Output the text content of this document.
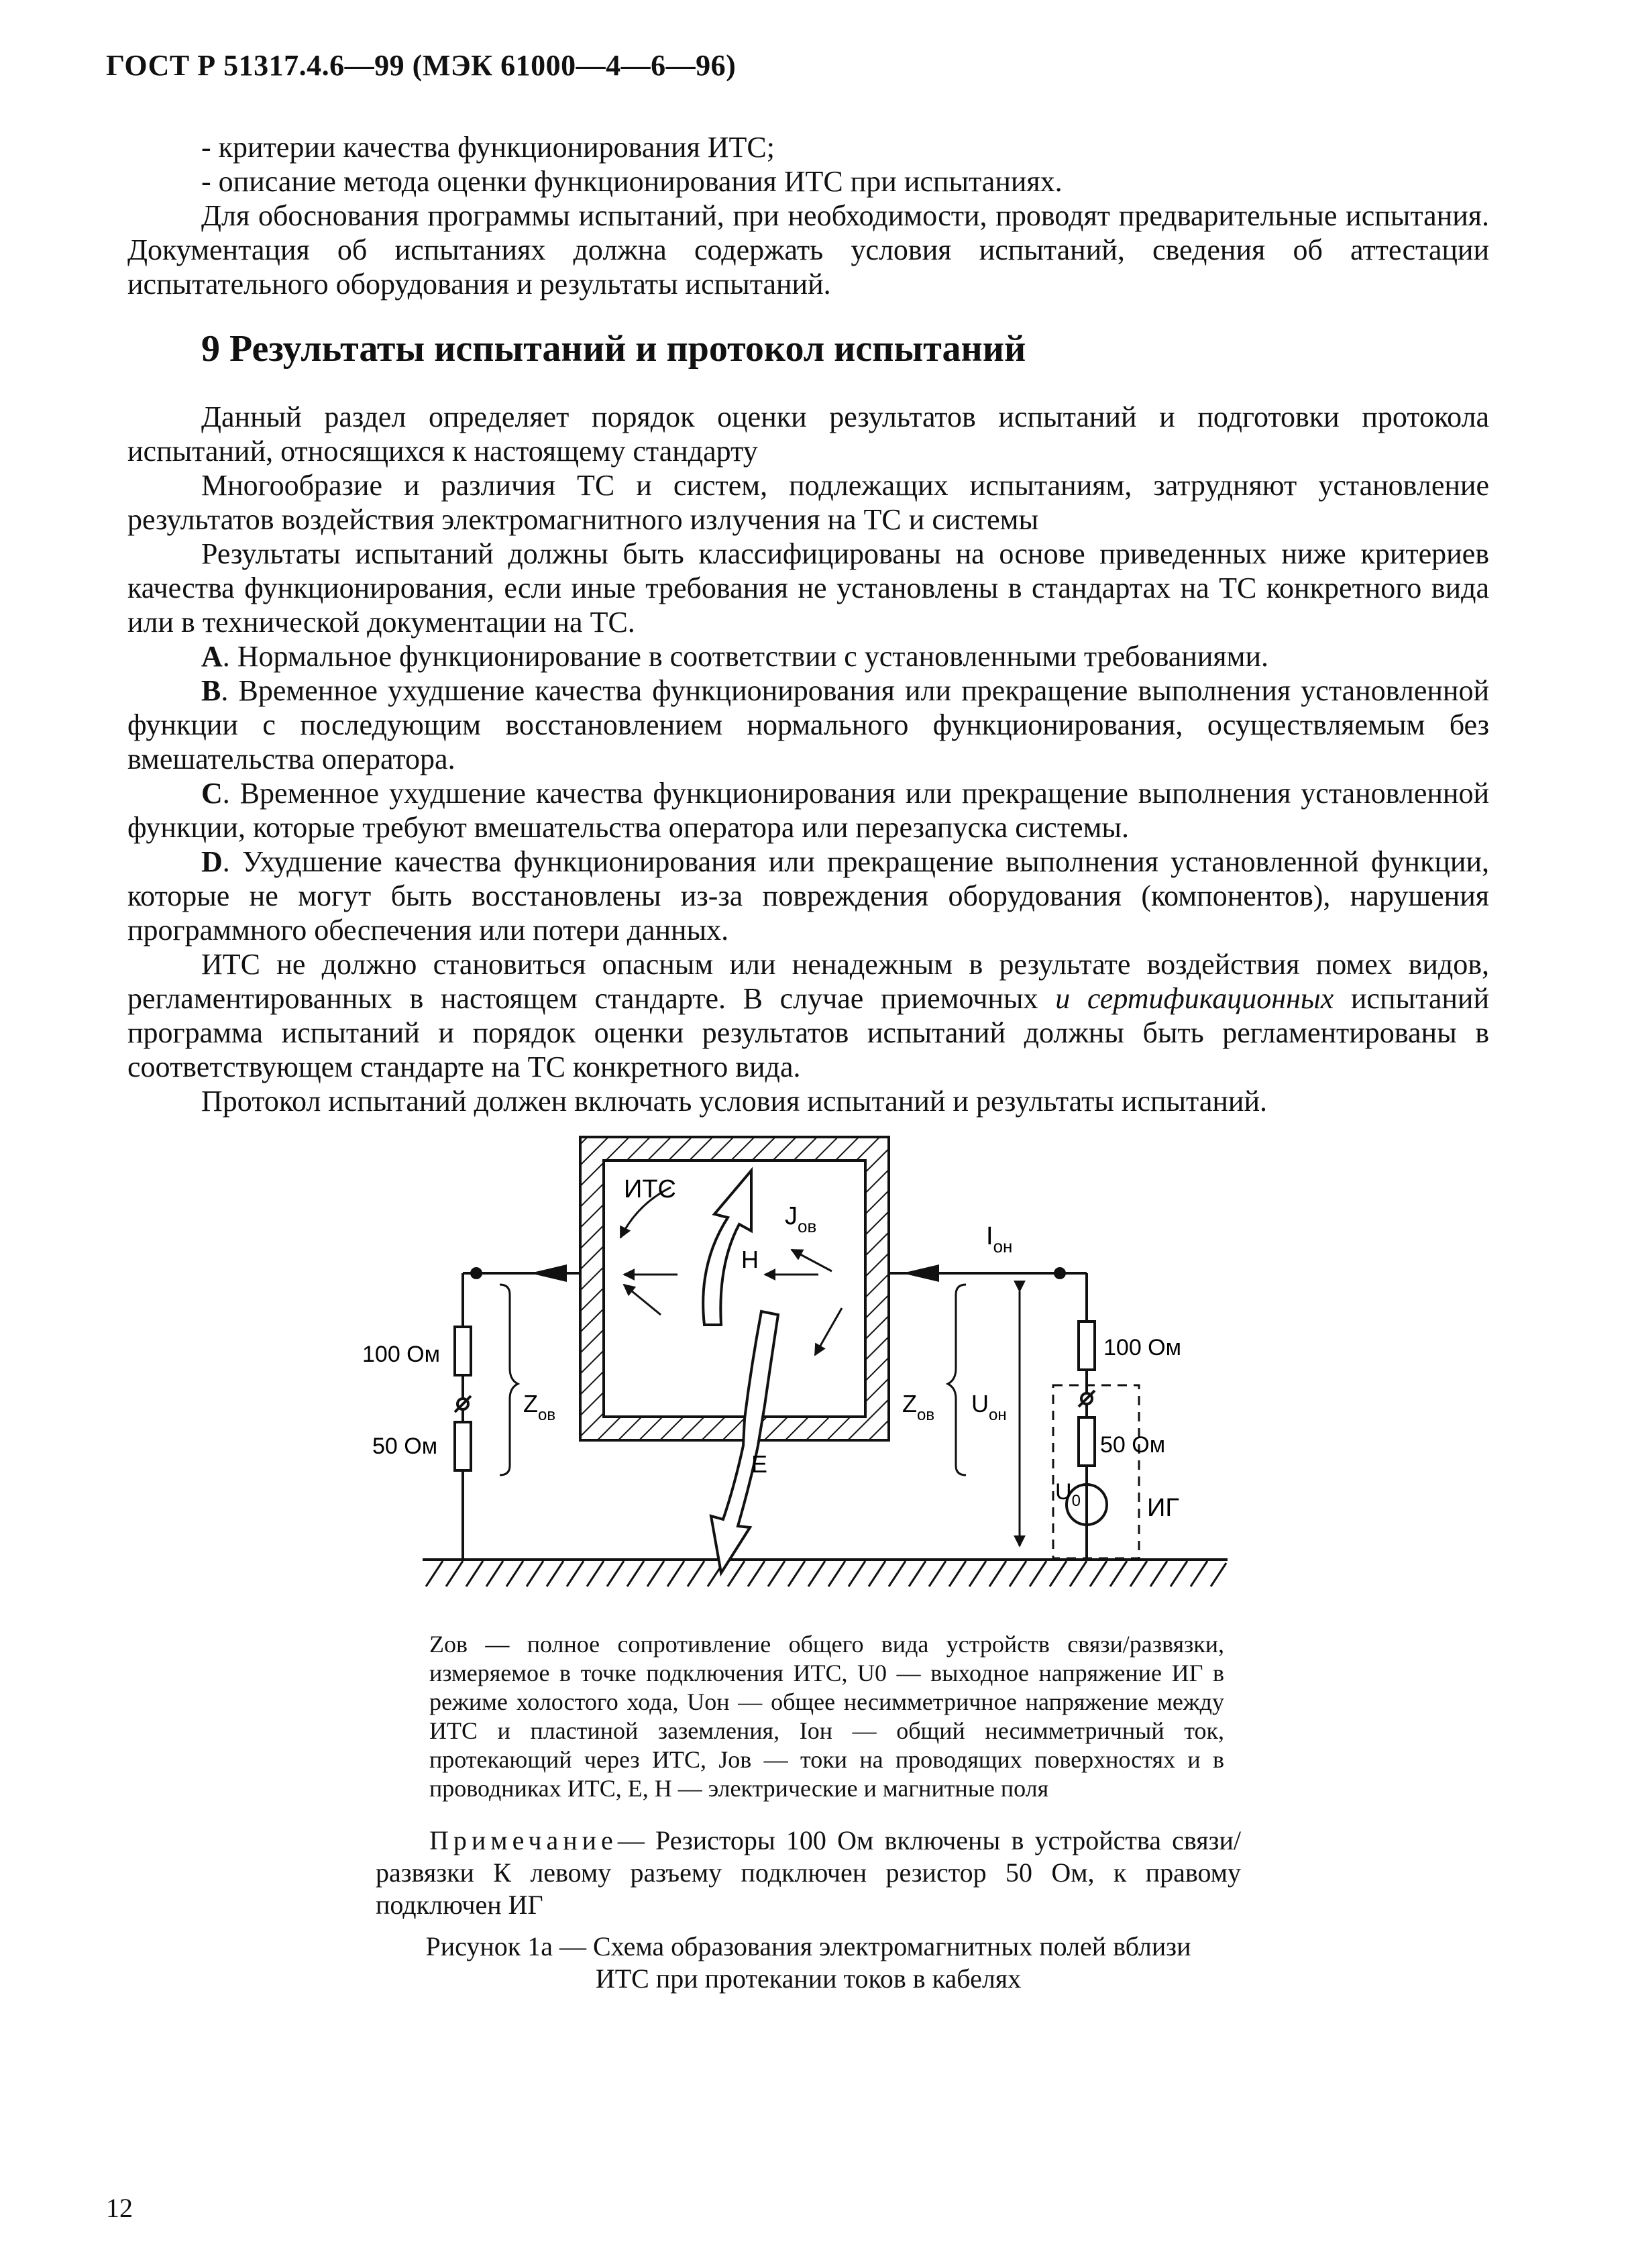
ГОСТ Р 51317.4.6—99 (МЭК 61000—4—6—96)

- критерии качества функционирования ИТС;

- описание метода оценки функционирования ИТС при испытаниях.

Для обоснования программы испытаний, при необходимости, проводят предварительные испытания. Документация об испытаниях должна содержать условия испытаний, сведения об аттестации испытательного оборудования и результаты испытаний.

9 Результаты испытаний и протокол испытаний

Данный раздел определяет порядок оценки результатов испытаний и подготовки протокола испытаний, относящихся к настоящему стандарту

Многообразие и различия ТС и систем, подлежащих испытаниям, затрудняют установление результатов воздействия электромагнитного излучения на ТС и системы

Результаты испытаний должны быть классифицированы на основе приведенных ниже критериев качества функционирования, если иные требования не установлены в стандартах на ТС конкретного вида или в технической документации на ТС.

А. Нормальное функционирование в соответствии с установленными требованиями.

В. Временное ухудшение качества функционирования или прекращение выполнения установленной функции с последующим восстановлением нормального функционирования, осуществляемым без вмешательства оператора.

С. Временное ухудшение качества функционирования или прекращение выполнения установленной функции, которые требуют вмешательства оператора или перезапуска системы.

D. Ухудшение качества функционирования или прекращение выполнения установленной функции, которые не могут быть восстановлены из-за повреждения оборудования (компонентов), нарушения программного обеспечения или потери данных.

ИТС не должно становиться опасным или ненадежным в результате воздействия помех видов, регламентированных в настоящем стандарте. В случае приемочных и сертификационных испытаний программа испытаний и порядок оценки результатов испытаний должны быть регламентированы в соответствующем стандарте на ТС конкретного вида.

Протокол испытаний должен включать условия испытаний и результаты испытаний.

ИТС
$J_{ов}$
H
E
$I_{он}$
100 Ом
50 Ом
100 Ом
50 Ом
$Z_{ов}$	$Z_{ов}$ $U_{он}$
$U_0$	ИГ
Zов — полное сопротивление общего вида устройств связи/развязки, измеряемое в точке подключения ИТС, U0 — выходное напряжение ИГ в режиме холостого хода, Uон — общее несимметричное напряжение между ИТС и пластиной заземления, Iон — общий несимметричный ток, протекающий через ИТС, Jов — токи на проводящих поверхностях и в проводниках ИТС, Е, Н — электрические и магнитные поля

Примечание— Резисторы 100 Ом включены в устройства связи/развязки К левому разъему подключен резистор 50 Ом, к правому подключен ИГ

Рисунок 1а — Схема образования электромагнитных полей вблизи
ИТС при протекании токов в кабелях
12
